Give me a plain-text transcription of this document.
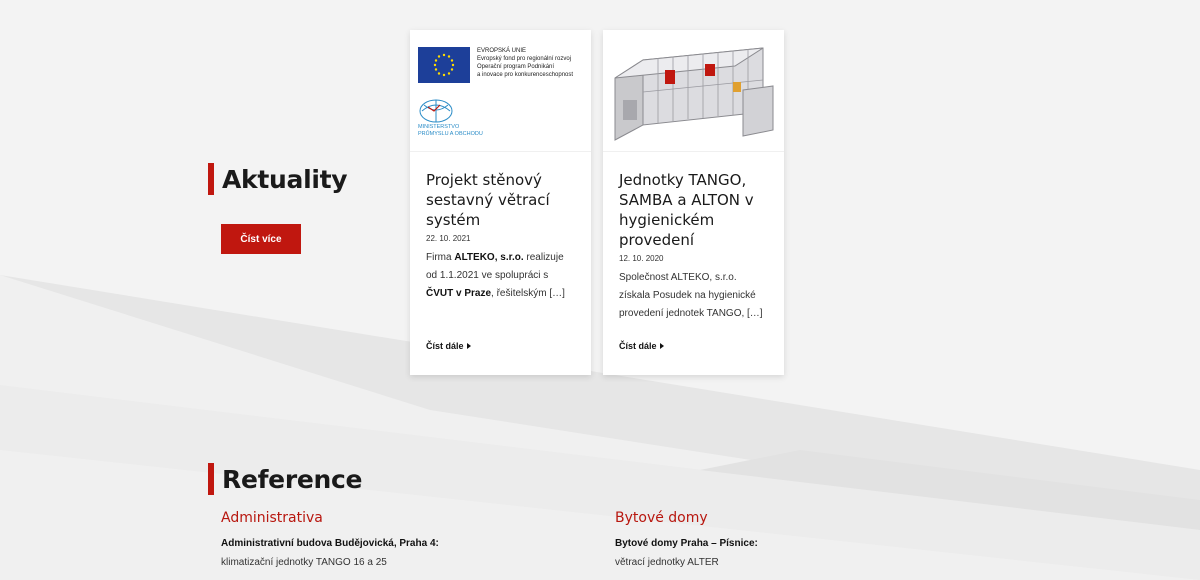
Aktuality
Číst více
EVROPSKÁ UNIE
Evropský fond pro regionální rozvoj
Operační program Podnikání
a inovace pro konkurenceschopnost
MINISTERSTVO
PRŮMYSLU A OBCHODU
Projekt stěnový sestavný větrací systém
22. 10. 2021
Firma ALTEKO, s.r.o. realizuje od 1.1.2021 ve spolupráci s ČVUT v Praze, řešitelským […]
Číst dále
Jednotky TANGO, SAMBA a ALTON v hygienickém provedení
12. 10. 2020
Společnost ALTEKO, s.r.o. získala Posudek na hygienické provedení jednotek TANGO, […]
Číst dále
Reference
Administrativa
Administrativní budova Budějovická, Praha 4:
klimatizační jednotky TANGO 16 a 25
Bytové domy
Bytové domy Praha – Písnice:
větrací jednotky ALTER
